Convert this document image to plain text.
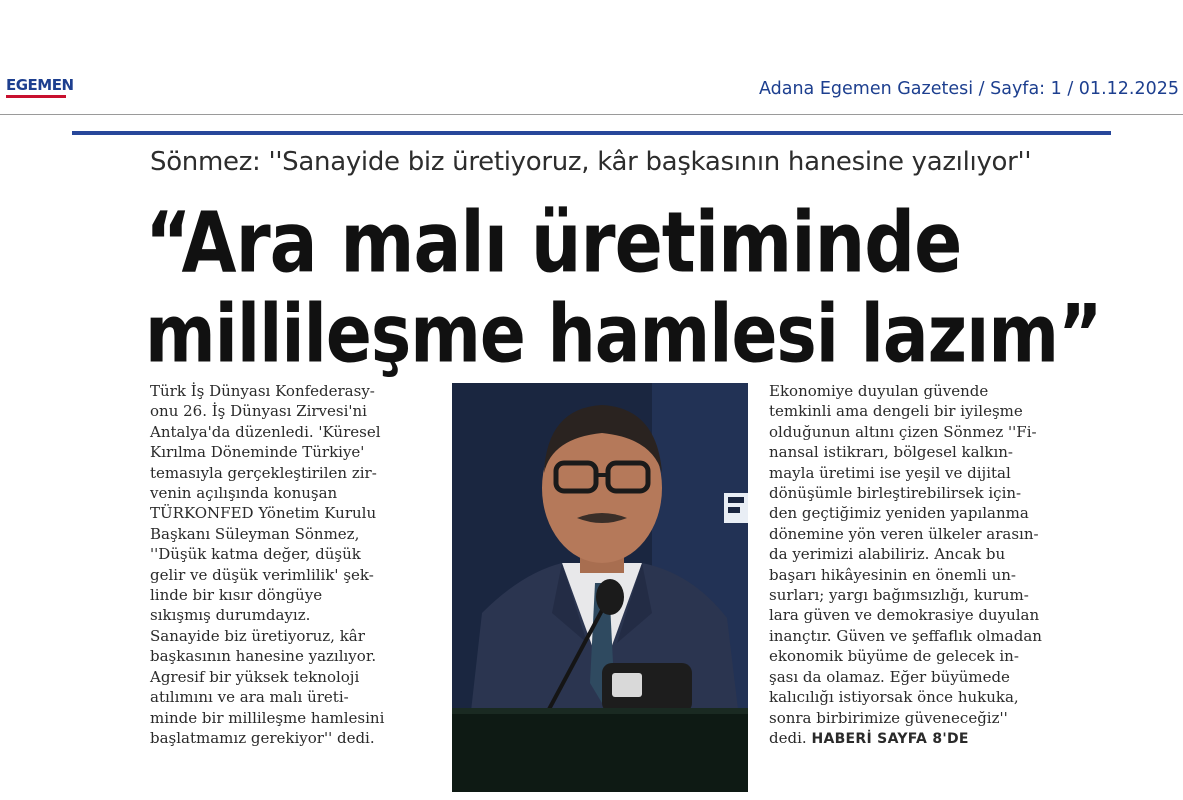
EGEMEN	Adana Egemen Gazetesi / Sayfa: 1 / 01.12.2025
Sönmez: ''Sanayide biz üretiyoruz, kâr başkasının hanesine yazılıyor''
“Ara malı üretiminde
millileşme hamlesi lazım”

Türk İş Dünyası Konfederasy-

onu 26. İş Dünyası Zirvesi'ni

Antalya'da düzenledi. 'Küresel

Kırılma Döneminde Türkiye'

temasıyla gerçekleştirilen zir-

venin açılışında konuşan

TÜRKONFED Yönetim Kurulu

Başkanı Süleyman Sönmez,

''Düşük katma değer, düşük

gelir ve düşük verimlilik' şek-

linde bir kısır döngüye

sıkışmış durumdayız.

Sanayide biz üretiyoruz, kâr

başkasının hanesine yazılıyor.

Agresif bir yüksek teknoloji

atılımını ve ara malı üreti-

minde bir millileşme hamlesini

başlatmamız gerekiyor'' dedi.

Ekonomiye duyulan güvende

temkinli ama dengeli bir iyileşme

olduğunun altını çizen Sönmez ''Fi-

nansal istikrarı, bölgesel kalkın-

mayla üretimi ise yeşil ve dijital

dönüşümle birleştirebilirsek için-

den geçtiğimiz yeniden yapılanma

dönemine yön veren ülkeler arasın-

da yerimizi alabiliriz. Ancak bu

başarı hikâyesinin en önemli un-

surları; yargı bağımsızlığı, kurum-

lara güven ve demokrasiye duyulan

inançtır. Güven ve şeffaflık olmadan

ekonomik büyüme de gelecek in-

şası da olamaz. Eğer büyümede

kalıcılığı istiyorsak önce hukuka,

sonra birbirimize güveneceğiz''

dedi. HABERİ SAYFA 8'DE
